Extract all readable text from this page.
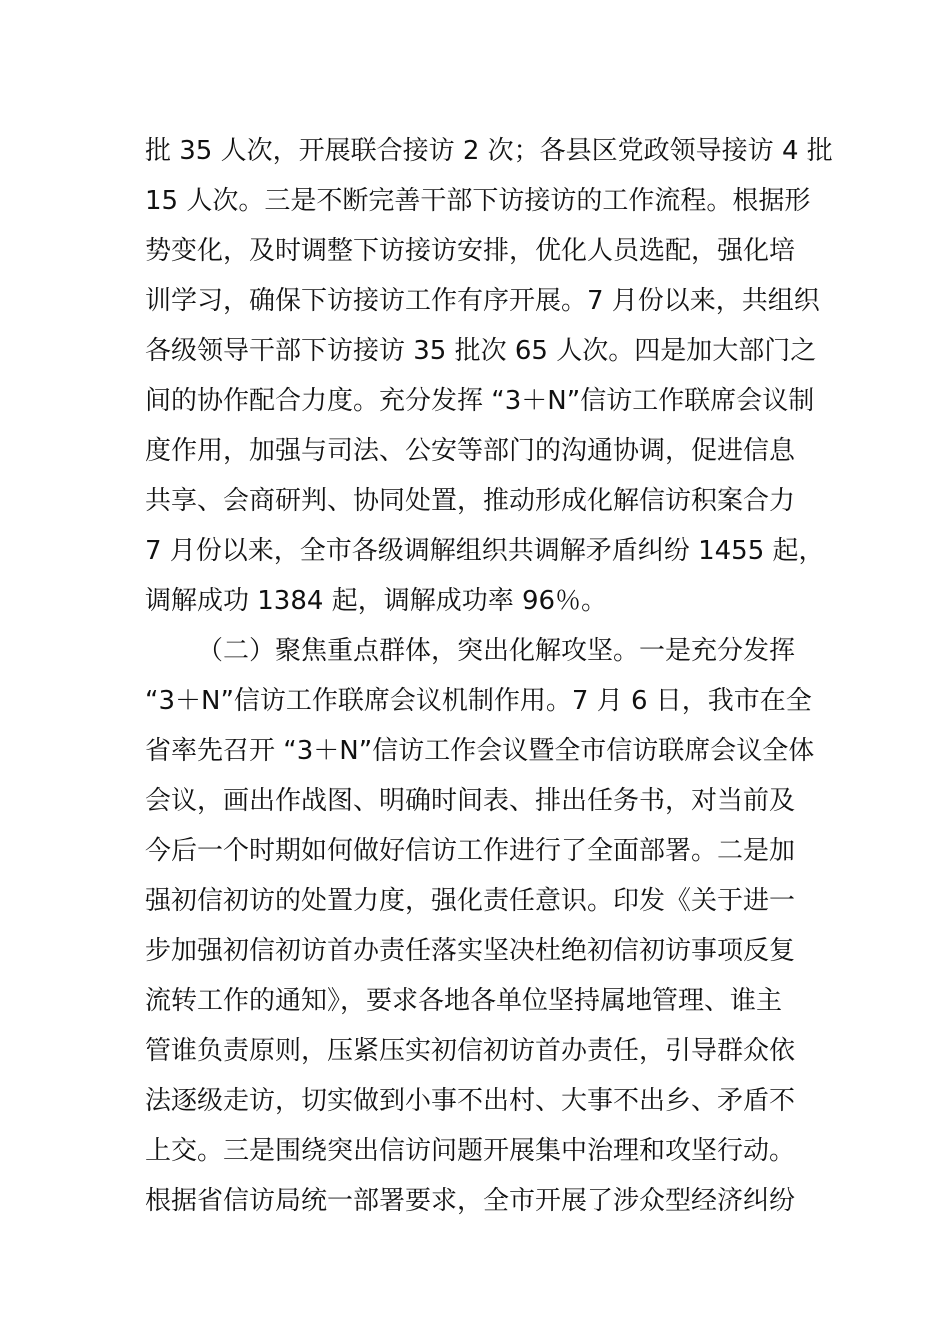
批 35 人次，开展联合接访 2 次；各县区党政领导接访 4 批
15 人次。三是不断完善干部下访接访的工作流程。根据形
势变化，及时调整下访接访安排，优化人员选配，强化培
训学习，确保下访接访工作有序开展。7 月份以来，共组织
各级领导干部下访接访 35 批次 65 人次。四是加大部门之
间的协作配合力度。充分发挥 “3＋N”信访工作联席会议制
度作用，加强与司法、公安等部门的沟通协调，促进信息
共享、会商研判、协同处置，推动形成化解信访积案合力
7 月份以来，全市各级调解组织共调解矛盾纠纷 1455 起，
调解成功 1384 起，调解成功率 96％。
（二）聚焦重点群体，突出化解攻坚。一是充分发挥
“3＋N”信访工作联席会议机制作用。7 月 6 日，我市在全
省率先召开 “3＋N”信访工作会议暨全市信访联席会议全体
会议，画出作战图、明确时间表、排出任务书，对当前及
今后一个时期如何做好信访工作进行了全面部署。二是加
强初信初访的处置力度，强化责任意识。印发《关于进一
步加强初信初访首办责任落实坚决杜绝初信初访事项反复
流转工作的通知》，要求各地各单位坚持属地管理、谁主
管谁负责原则，压紧压实初信初访首办责任，引导群众依
法逐级走访，切实做到小事不出村、大事不出乡、矛盾不
上交。三是围绕突出信访问题开展集中治理和攻坚行动。
根据省信访局统一部署要求，全市开展了涉众型经济纠纷
